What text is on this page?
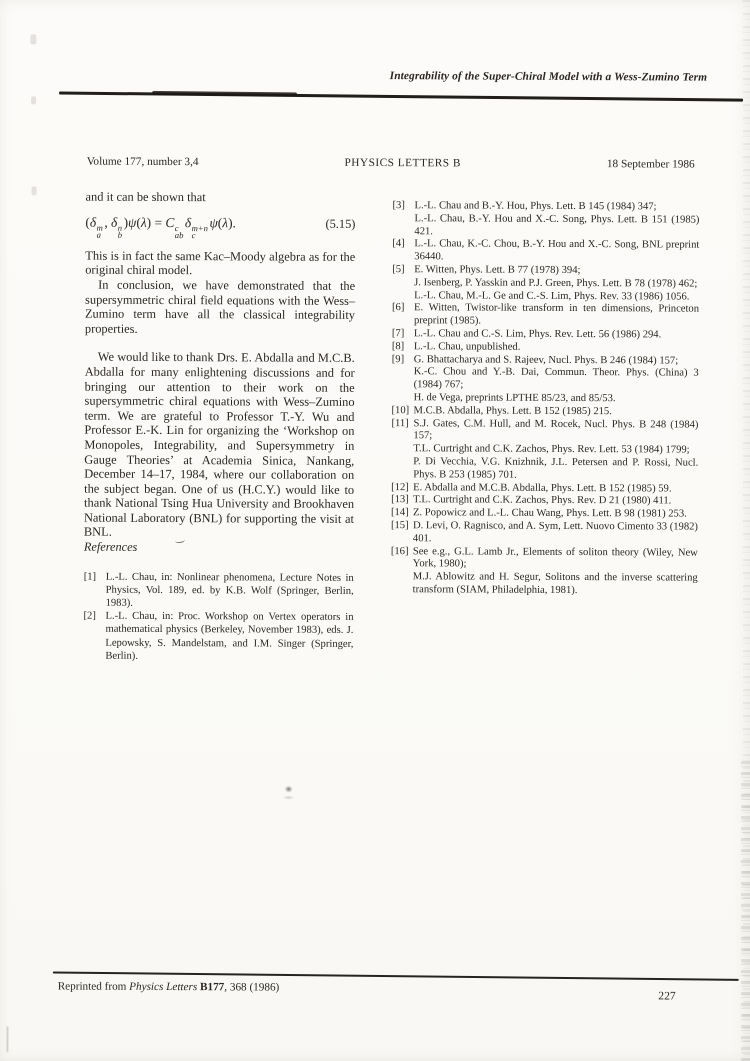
Integrability of the Super-Chiral Model with a Wess-Zumino Term
Volume 177, number 3,4	PHYSICS LETTERS B	18 September 1986

and it can be shown that

(δ m
a
, δ n
b
)ψ(λ) = C c
ab
δ m+n
c
ψ(λ).	(5.15)

This is in fact the same Kac–Moody algebra as for the original chiral model.

In conclusion, we have demonstrated that the supersymmetric chiral field equations with the Wess–Zumino term have all the classical integrability properties.

We would like to thank Drs. E. Abdalla and M.C.B. Abdalla for many enlightening discussions and for bringing our attention to their work on the supersymmetric chiral equations with Wess–Zumino term. We are grateful to Professor T.-Y. Wu and Professor E.-K. Lin for organizing the ‘Workshop on Monopoles, Integrability, and Supersymmetry in Gauge Theories’ at Academia Sinica, Nankang, December 14–17, 1984, where our collaboration on the subject began. One of us (H.C.Y.) would like to thank National Tsing Hua University and Brookhaven National Laboratory (BNL) for supporting the visit at BNL.

References

[1] L.-L. Chau, in: Nonlinear phenomena, Lecture Notes in Physics, Vol. 189, ed. by K.B. Wolf (Springer, Berlin, 1983).
[2] L.-L. Chau, in: Proc. Workshop on Vertex operators in mathematical physics (Berkeley, November 1983), eds. J. Lepowsky, S. Mandelstam, and I.M. Singer (Springer, Berlin).
[3] L.-L. Chau and B.-Y. Hou, Phys. Lett. B 145 (1984) 347;
L.-L. Chau, B.-Y. Hou and X.-C. Song, Phys. Lett. B 151 (1985) 421.
[4] L.-L. Chau, K.-C. Chou, B.-Y. Hou and X.-C. Song, BNL preprint 36440.
[5] E. Witten, Phys. Lett. B 77 (1978) 394;
J. Isenberg, P. Yasskin and P.J. Green, Phys. Lett. B 78 (1978) 462;
L.-L. Chau, M.-L. Ge and C.-S. Lim, Phys. Rev. 33 (1986) 1056.
[6] E. Witten, Twistor-like transform in ten dimensions, Princeton preprint (1985).
[7] L.-L. Chau and C.-S. Lim, Phys. Rev. Lett. 56 (1986) 294.
[8] L.-L. Chau, unpublished.
[9] G. Bhattacharya and S. Rajeev, Nucl. Phys. B 246 (1984) 157;
K.-C. Chou and Y.-B. Dai, Commun. Theor. Phys. (China) 3 (1984) 767;
H. de Vega, preprints LPTHE 85/23, and 85/53.
[10] M.C.B. Abdalla, Phys. Lett. B 152 (1985) 215.
[11] S.J. Gates, C.M. Hull, and M. Rocek, Nucl. Phys. B 248 (1984) 157;
T.L. Curtright and C.K. Zachos, Phys. Rev. Lett. 53 (1984) 1799;
P. Di Vecchia, V.G. Knizhnik, J.L. Petersen and P. Rossi, Nucl. Phys. B 253 (1985) 701.
[12] E. Abdalla and M.C.B. Abdalla, Phys. Lett. B 152 (1985) 59.
[13] T.L. Curtright and C.K. Zachos, Phys. Rev. D 21 (1980) 411.
[14] Z. Popowicz and L.-L. Chau Wang, Phys. Lett. B 98 (1981) 253.
[15] D. Levi, O. Ragnisco, and A. Sym, Lett. Nuovo Cimento 33 (1982) 401.
[16] See e.g., G.L. Lamb Jr., Elements of soliton theory (Wiley, New York, 1980);
M.J. Ablowitz and H. Segur, Solitons and the inverse scattering transform (SIAM, Philadelphia, 1981).
Reprinted from Physics Letters B177, 368 (1986)
227
